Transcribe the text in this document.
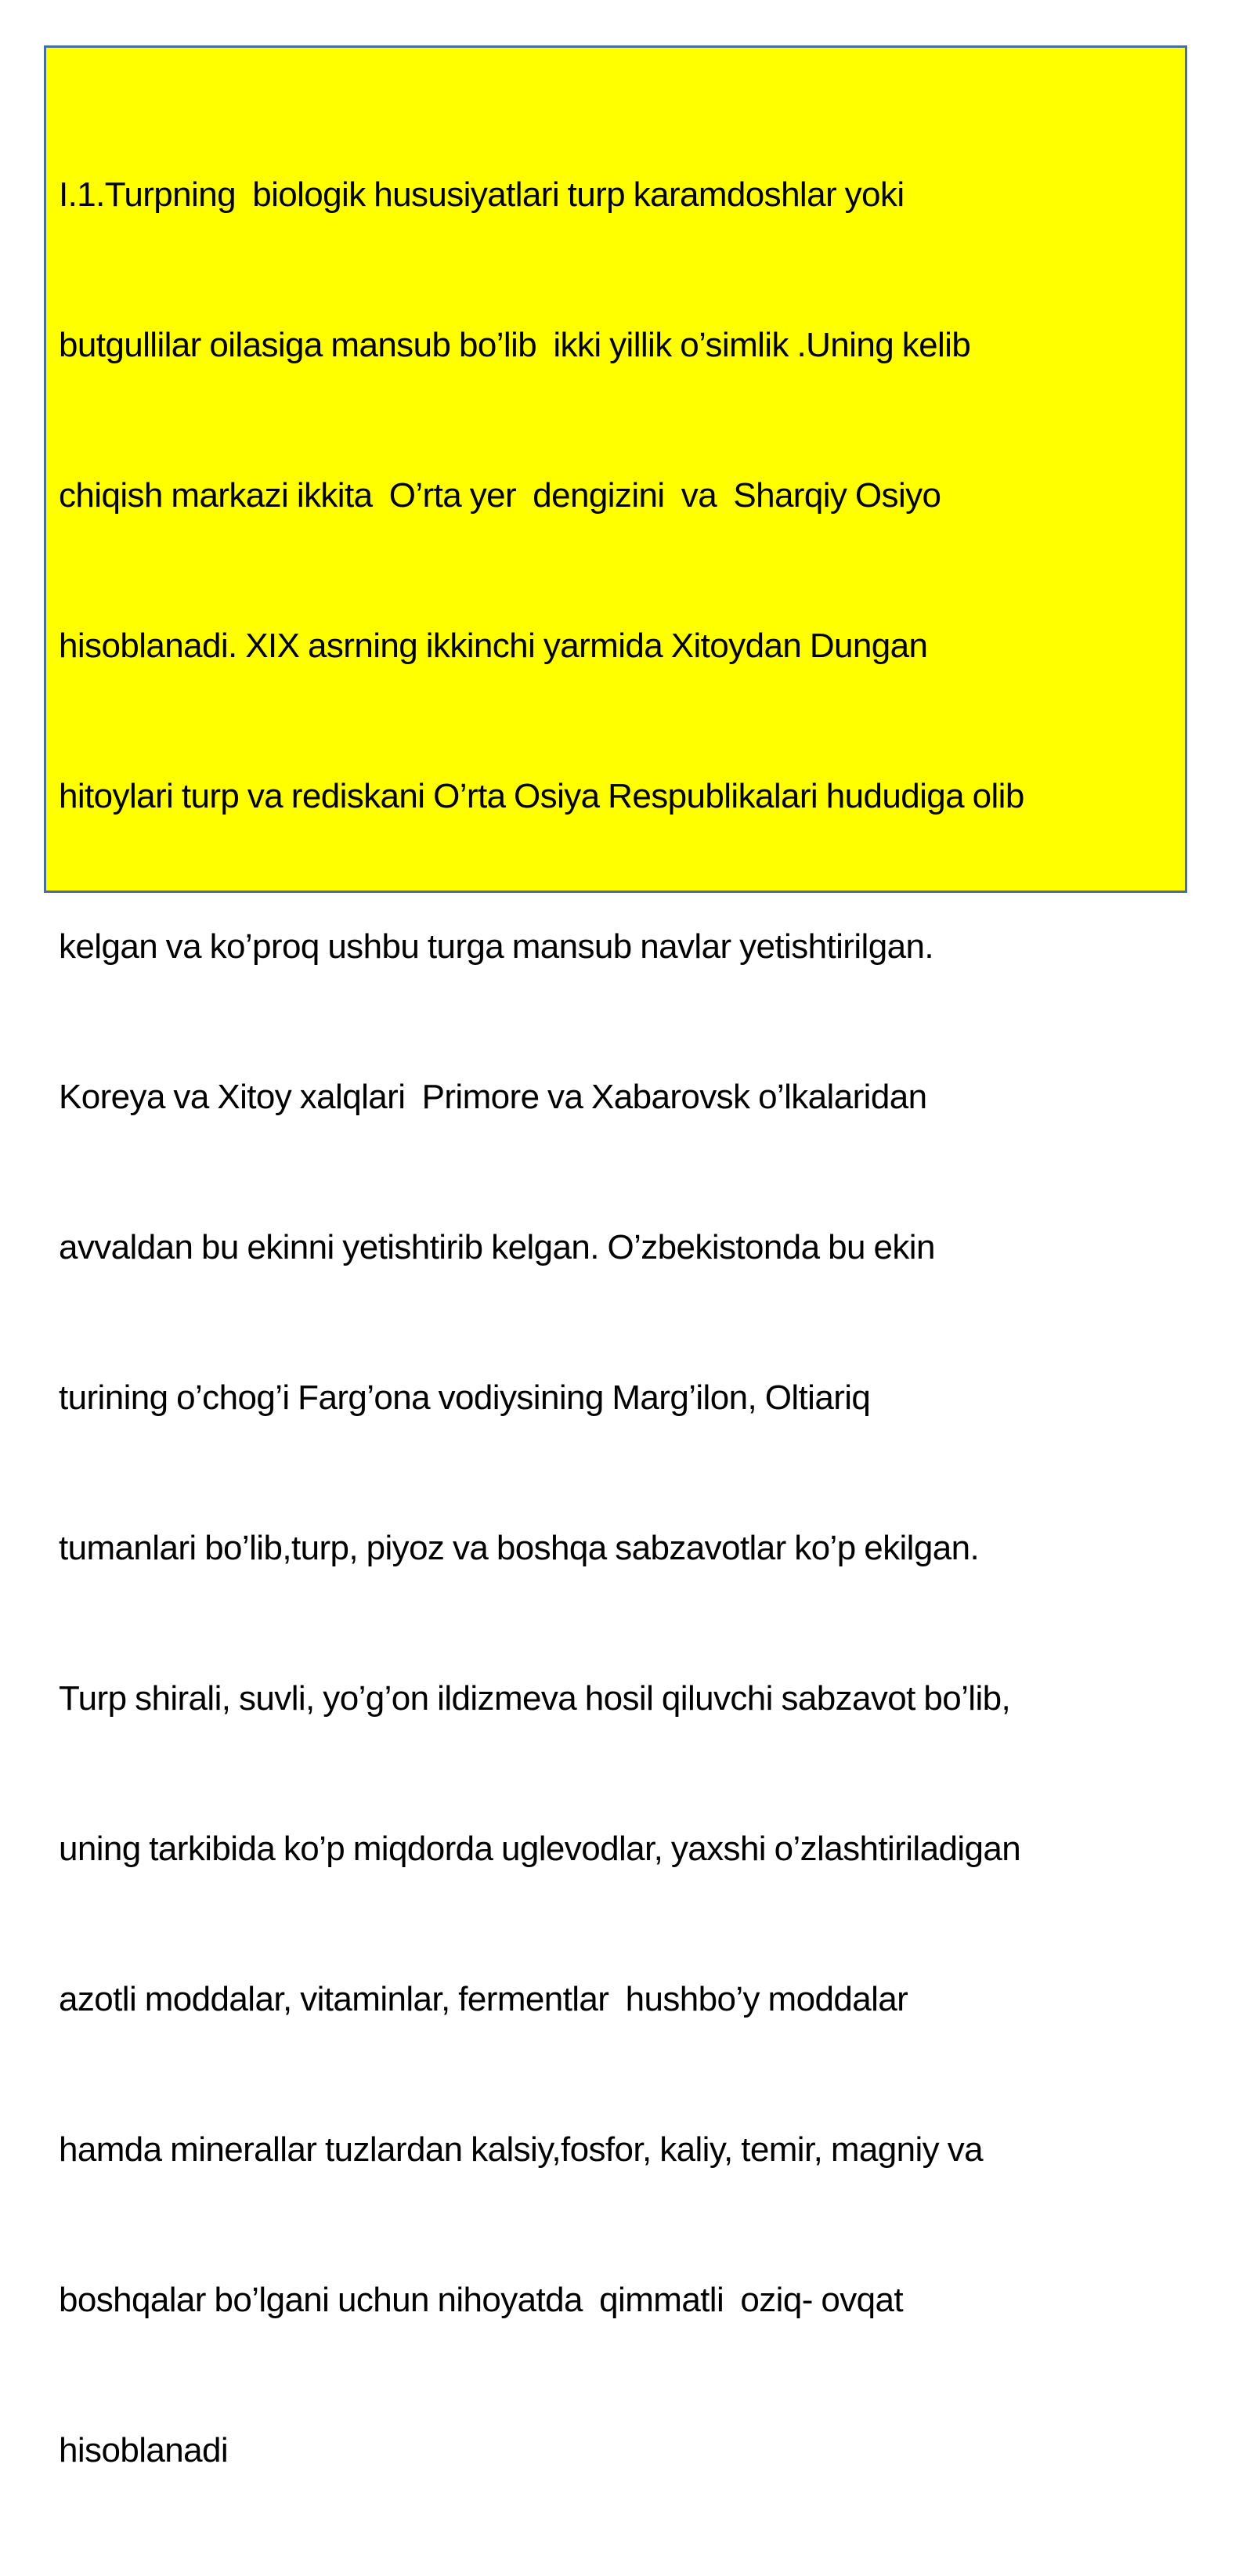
I.1.Turpning  biologik hususiyatlari turp karamdoshlar yoki

butgullilar oilasiga mansub bo’lib  ikki yillik o’simlik .Uning kelib

chiqish markazi ikkita  O’rta yer  dengizini  va  Sharqiy Osiyo

hisoblanadi. XIX asrning ikkinchi yarmida Xitoydan Dungan

hitoylari turp va rediskani O’rta Osiya Respublikalari hududiga olib

kelgan va ko’proq ushbu turga mansub navlar yetishtirilgan.

Koreya va Xitoy xalqlari  Primore va Xabarovsk o’lkalaridan

avvaldan bu ekinni yetishtirib kelgan. O’zbekistonda bu ekin

turining o’chog’i Farg’ona vodiysining Marg’ilon, Oltiariq

tumanlari bo’lib,turp, piyoz va boshqa sabzavotlar ko’p ekilgan.

Turp shirali, suvli, yo’g’on ildizmeva hosil qiluvchi sabzavot bo’lib,

uning tarkibida ko’p miqdorda uglevodlar, yaxshi o’zlashtiriladigan

azotli moddalar, vitaminlar, fermentlar  hushbo’y moddalar

hamda minerallar tuzlardan kalsiy,fosfor, kaliy, temir, magniy va

boshqalar bo’lgani uchun nihoyatda  qimmatli  oziq- ovqat

hisoblanadi
